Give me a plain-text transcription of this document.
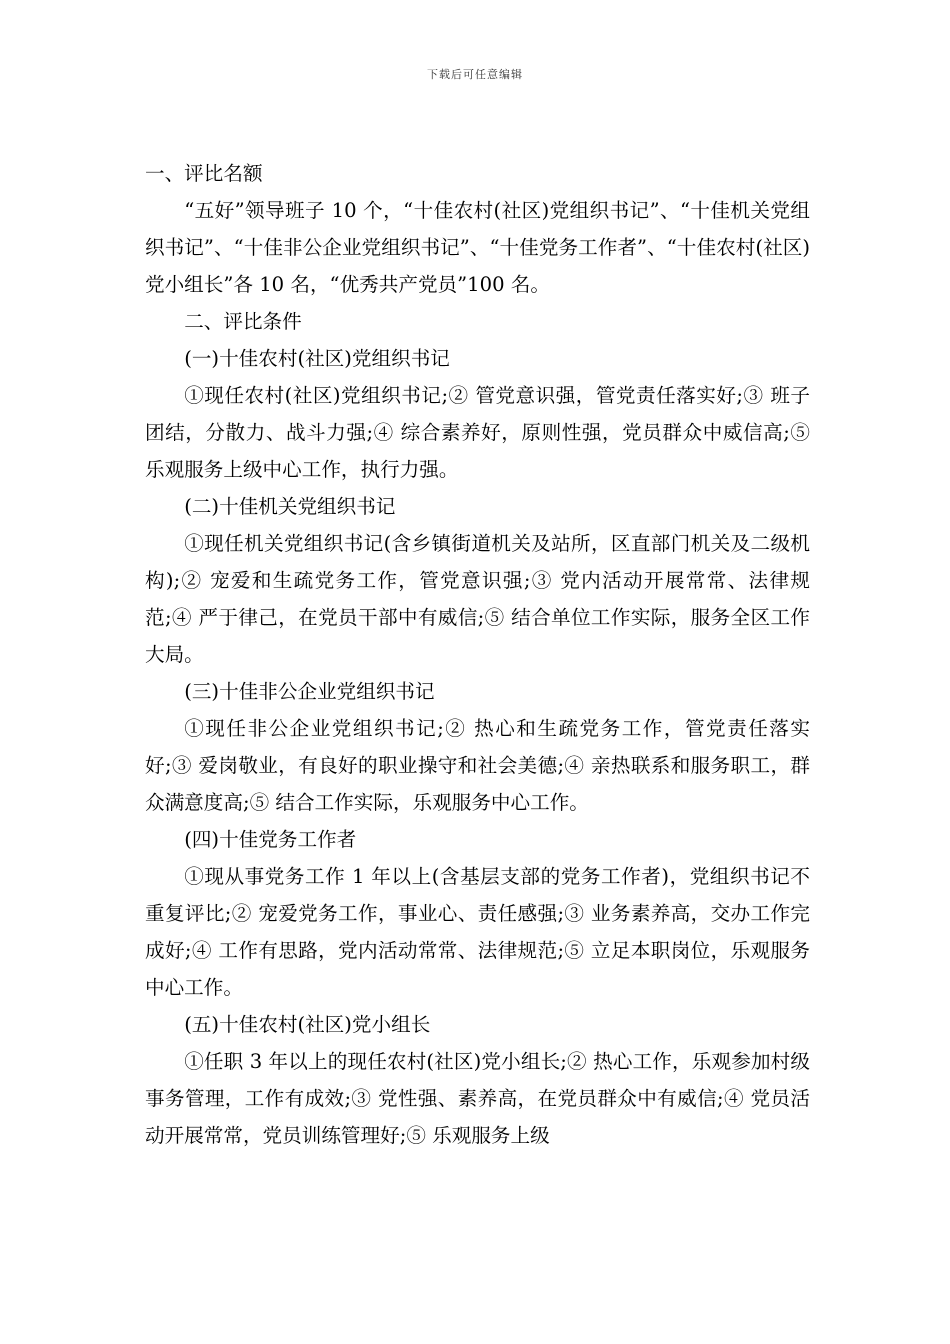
下载后可任意编辑

一、评比名额

“五好”领导班子 10 个，“十佳农村(社区)党组织书记”、“十佳机关党组织书记”、“十佳非公企业党组织书记”、“十佳党务工作者”、“十佳农村(社区)党小组长”各 10 名，“优秀共产党员”100 名。

二、评比条件

(一)十佳农村(社区)党组织书记

①现任农村(社区)党组织书记;② 管党意识强，管党责任落实好;③ 班子团结，分散力、战斗力强;④ 综合素养好，原则性强，党员群众中威信高;⑤ 乐观服务上级中心工作，执行力强。

(二)十佳机关党组织书记

①现任机关党组织书记(含乡镇街道机关及站所，区直部门机关及二级机构);② 宠爱和生疏党务工作，管党意识强;③ 党内活动开展常常、法律规范;④ 严于律己，在党员干部中有威信;⑤ 结合单位工作实际，服务全区工作大局。

(三)十佳非公企业党组织书记

①现任非公企业党组织书记;② 热心和生疏党务工作，管党责任落实好;③ 爱岗敬业，有良好的职业操守和社会美德;④ 亲热联系和服务职工，群众满意度高;⑤ 结合工作实际，乐观服务中心工作。

(四)十佳党务工作者

①现从事党务工作 1 年以上(含基层支部的党务工作者)，党组织书记不重复评比;② 宠爱党务工作，事业心、责任感强;③ 业务素养高，交办工作完成好;④ 工作有思路，党内活动常常、法律规范;⑤ 立足本职岗位，乐观服务中心工作。

(五)十佳农村(社区)党小组长

①任职 3 年以上的现任农村(社区)党小组长;② 热心工作，乐观参加村级事务管理，工作有成效;③ 党性强、素养高，在党员群众中有威信;④ 党员活动开展常常，党员训练管理好;⑤ 乐观服务上级
